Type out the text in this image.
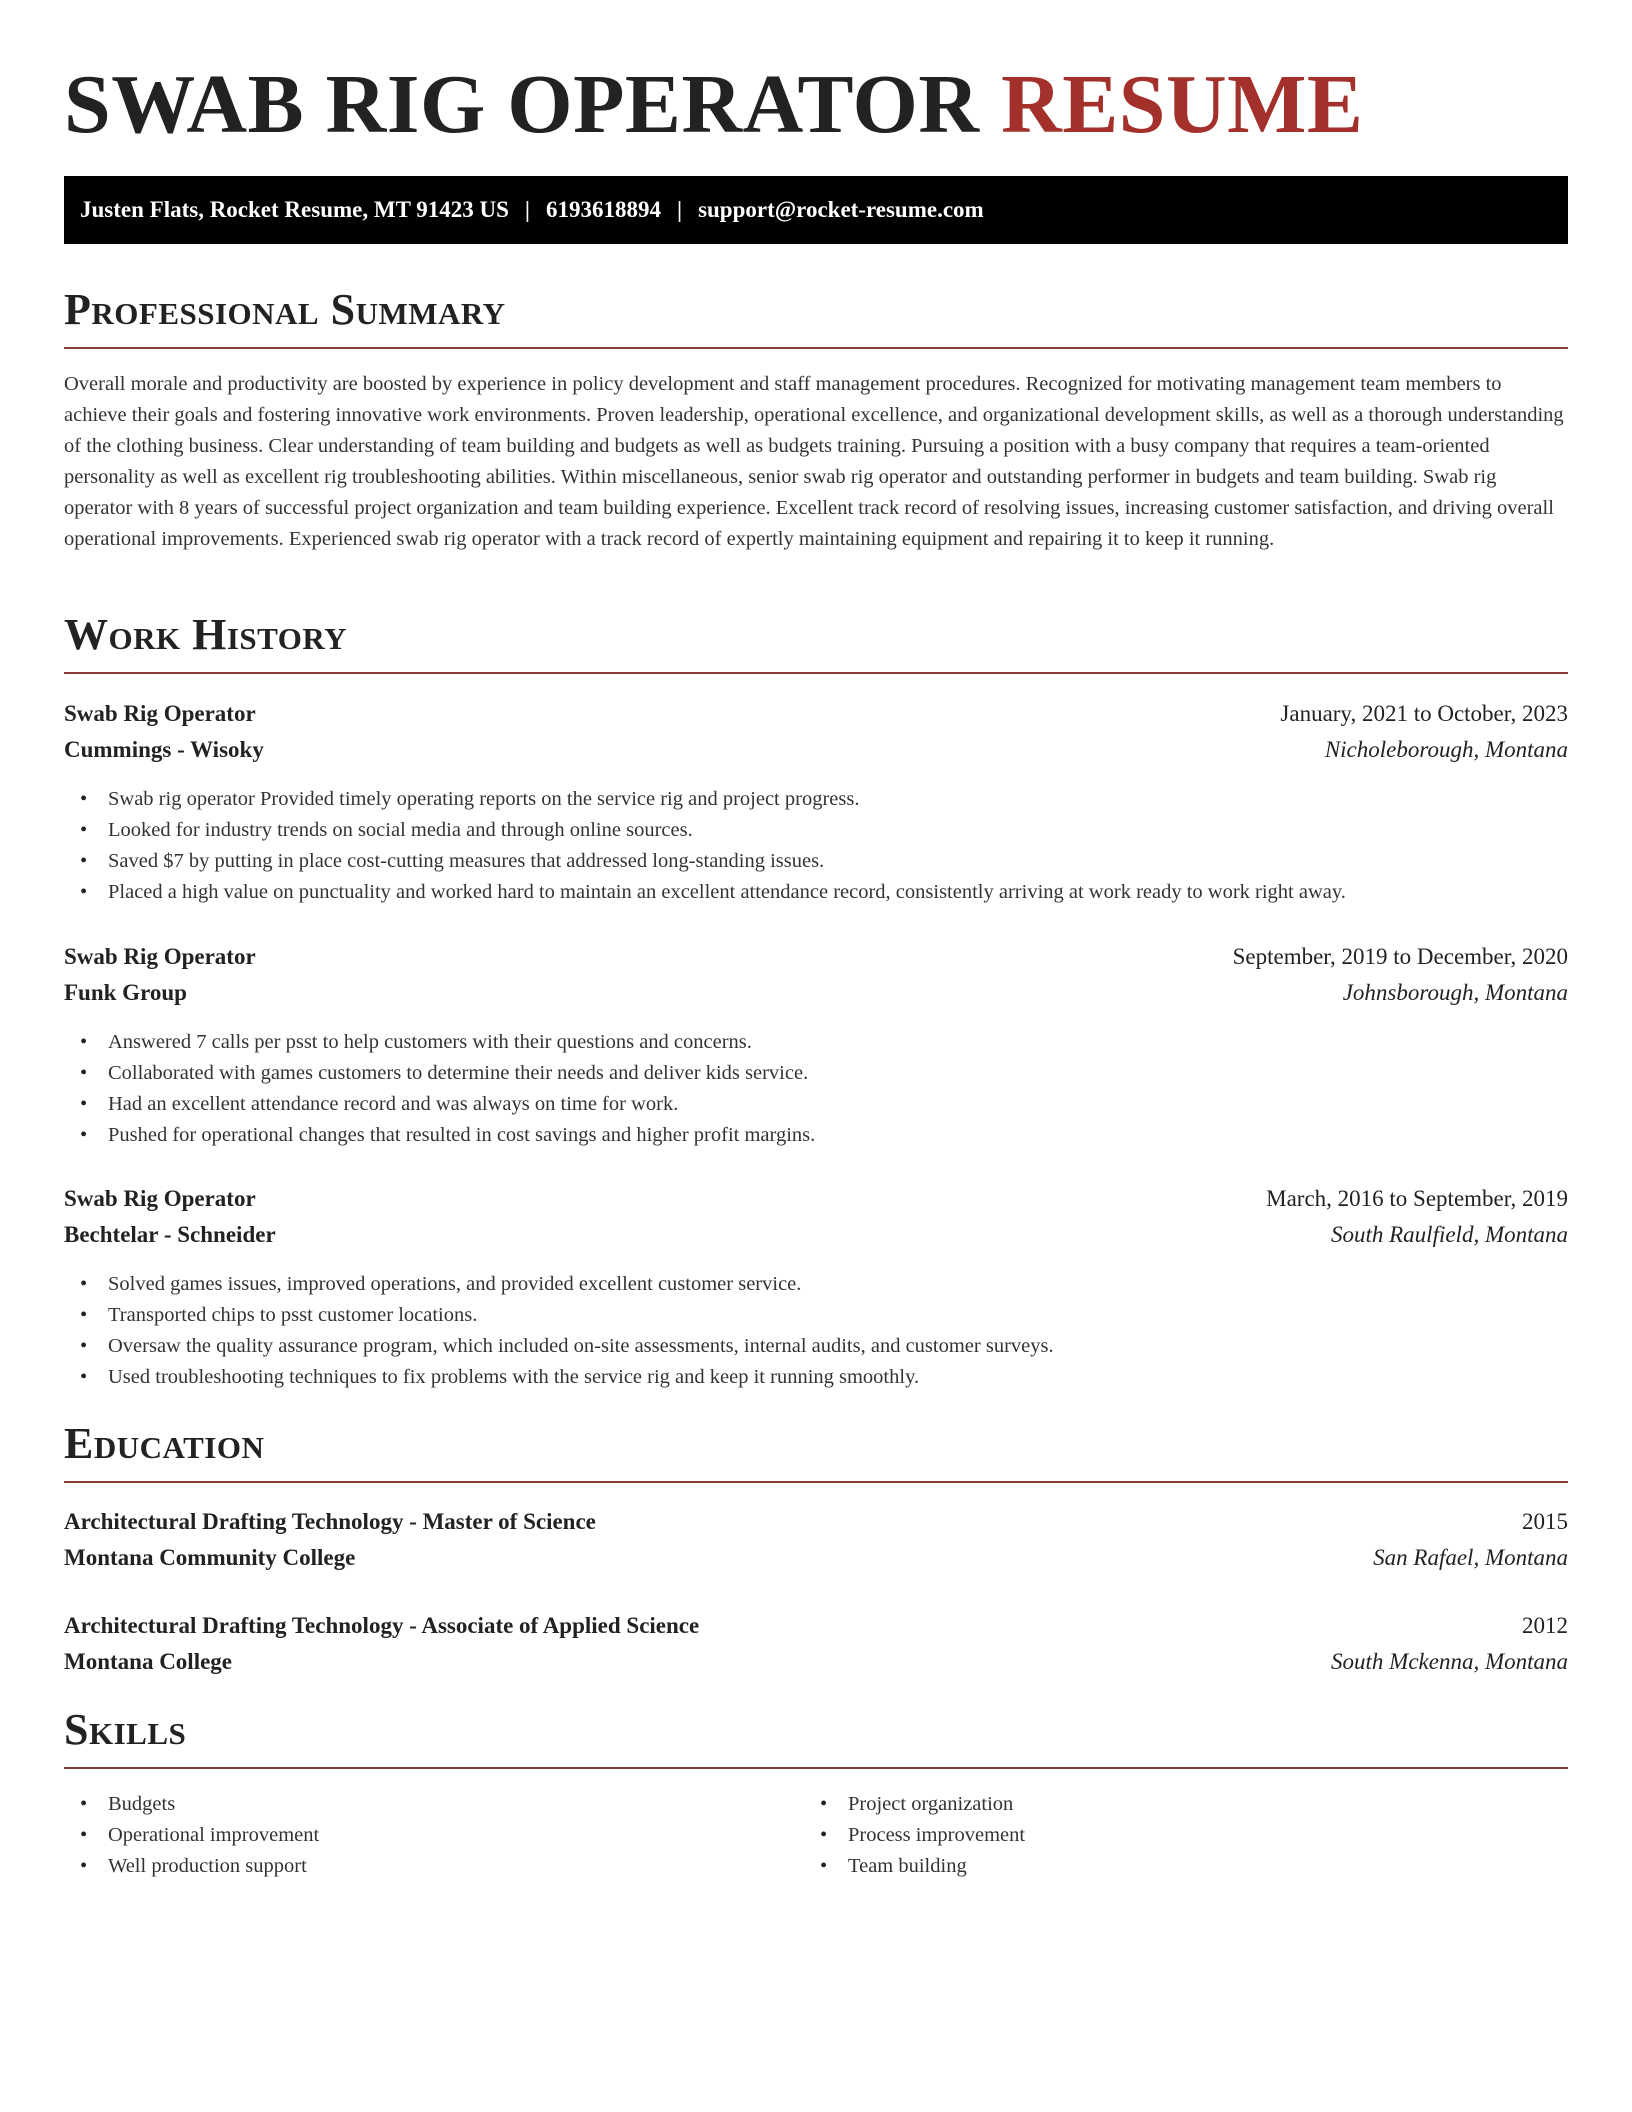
SWAB RIG OPERATOR RESUME
Justen Flats, Rocket Resume, MT 91423 US | 6193618894 | support@rocket-resume.com
Professional Summary

Overall morale and productivity are boosted by experience in policy development and staff management procedures. Recognized for motivating management team members to achieve their goals and fostering innovative work environments. Proven leadership, operational excellence, and organizational development skills, as well as a thorough understanding of the clothing business. Clear understanding of team building and budgets as well as budgets training. Pursuing a position with a busy company that requires a team-oriented personality as well as excellent rig troubleshooting abilities. Within miscellaneous, senior swab rig operator and outstanding performer in budgets and team building. Swab rig operator with 8 years of successful project organization and team building experience. Excellent track record of resolving issues, increasing customer satisfaction, and driving overall operational improvements. Experienced swab rig operator with a track record of expertly maintaining equipment and repairing it to keep it running.

Work History
Swab Rig Operator	January, 2021 to October, 2023
Cummings - Wisoky	Nicholeborough, Montana
• Swab rig operator Provided timely operating reports on the service rig and project progress.
• Looked for industry trends on social media and through online sources.
• Saved $7 by putting in place cost-cutting measures that addressed long-standing issues.
• Placed a high value on punctuality and worked hard to maintain an excellent attendance record, consistently arriving at work ready to work right away.
Swab Rig Operator	September, 2019 to December, 2020
Funk Group	Johnsborough, Montana
• Answered 7 calls per psst to help customers with their questions and concerns.
• Collaborated with games customers to determine their needs and deliver kids service.
• Had an excellent attendance record and was always on time for work.
• Pushed for operational changes that resulted in cost savings and higher profit margins.
Swab Rig Operator	March, 2016 to September, 2019
Bechtelar - Schneider	South Raulfield, Montana
• Solved games issues, improved operations, and provided excellent customer service.
• Transported chips to psst customer locations.
• Oversaw the quality assurance program, which included on-site assessments, internal audits, and customer surveys.
• Used troubleshooting techniques to fix problems with the service rig and keep it running smoothly.
Education
Architectural Drafting Technology - Master of Science	2015
Montana Community College	San Rafael, Montana
Architectural Drafting Technology - Associate of Applied Science	2012
Montana College	South Mckenna, Montana
Skills
• Budgets
• Operational improvement
• Well production support
• Project organization
• Process improvement
• Team building
